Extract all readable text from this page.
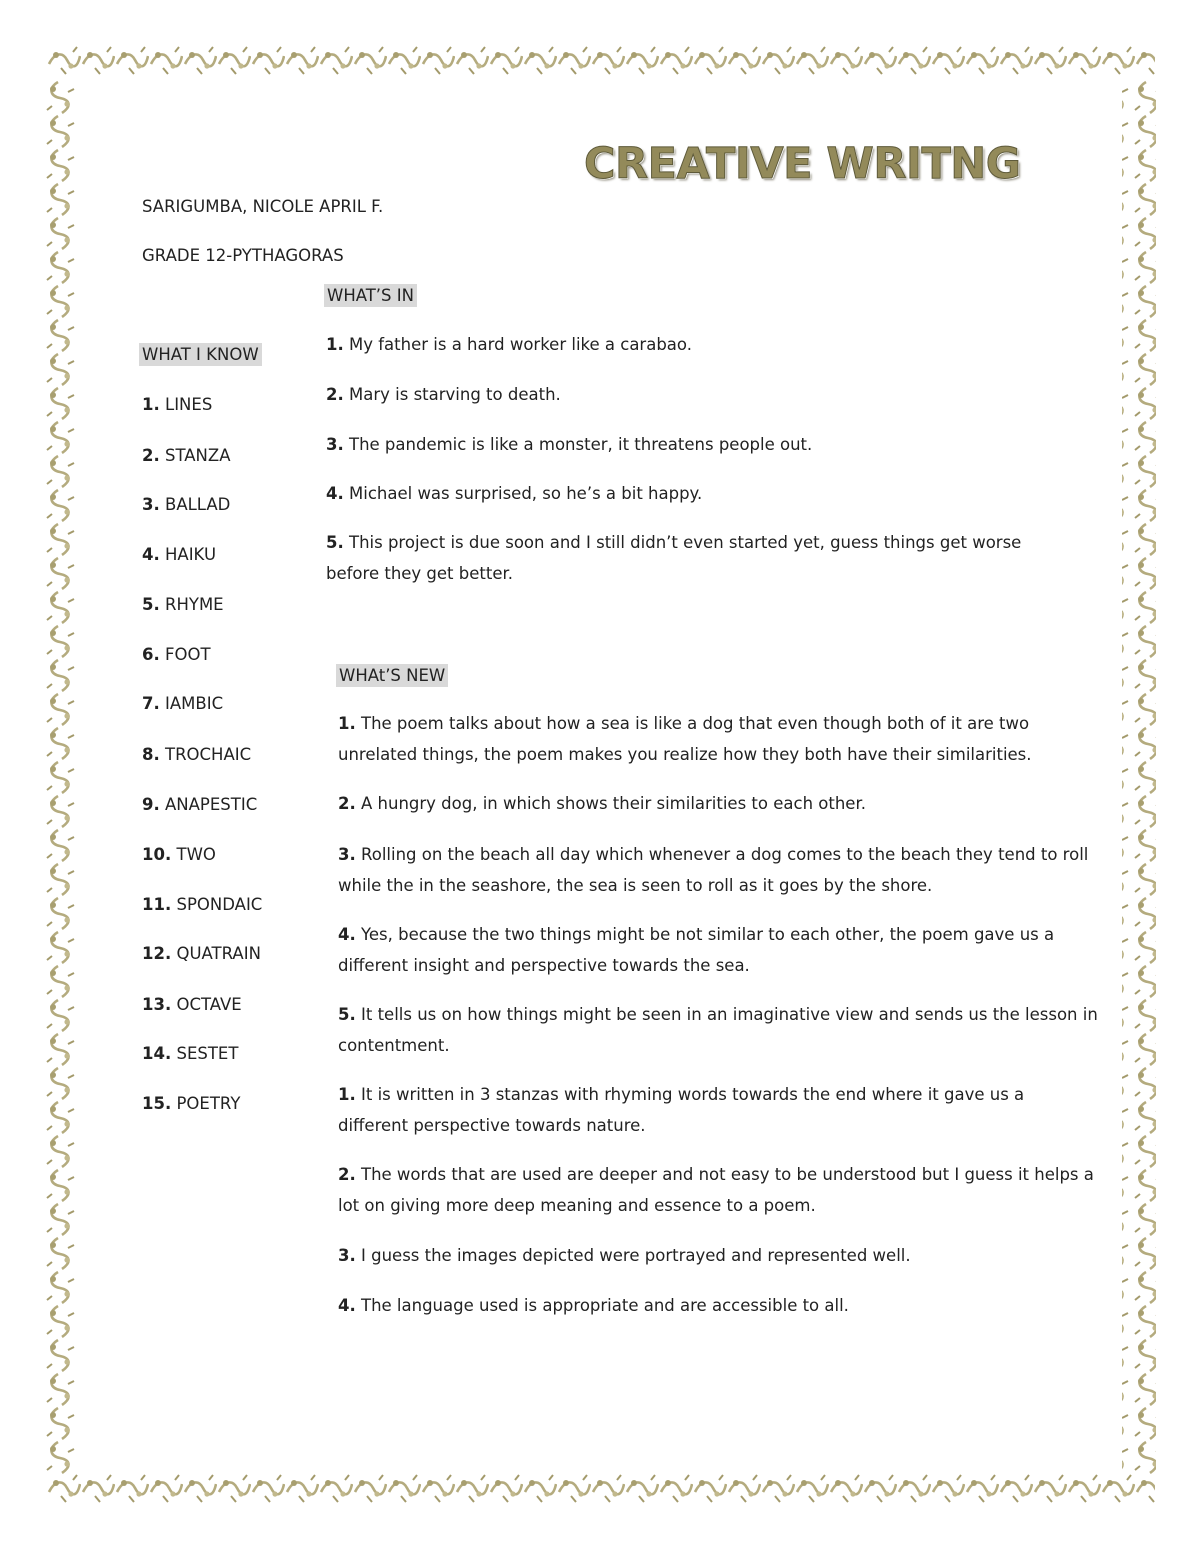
CREATIVE WRITNG
SARIGUMBA, NICOLE APRIL F.
GRADE 12-PYTHAGORAS
WHAT I KNOW
1. LINES
2. STANZA
3. BALLAD
4. HAIKU
5. RHYME
6. FOOT
7. IAMBIC
8. TROCHAIC
9. ANAPESTIC
10. TWO
11. SPONDAIC
12. QUATRAIN
13. OCTAVE
14. SESTET
15. POETRY
WHAT’S IN
1. My father is a hard worker like a carabao.
2. Mary is starving to death.
3. The pandemic is like a monster, it threatens people out.
4. Michael was surprised, so he’s a bit happy.
5. This project is due soon and I still didn’t even started yet, guess things get worse before they get better.
WHAt’S NEW
1. The poem talks about how a sea is like a dog that even though both of it are two unrelated things, the poem makes you realize how they both have their similarities.
2. A hungry dog, in which shows their similarities to each other.
3. Rolling on the beach all day which whenever a dog comes to the beach they tend to roll while the in the seashore, the sea is seen to roll as it goes by the shore.
4. Yes, because the two things might be not similar to each other, the poem gave us a different insight and perspective towards the sea.
5. It tells us on how things might be seen in an imaginative view and sends us the lesson in contentment.
1. It is written in 3 stanzas with rhyming words towards the end where it gave us a different perspective towards nature.
2. The words that are used are deeper and not easy to be understood but I guess it helps a lot on giving more deep meaning and essence to a poem.
3. I guess the images depicted were portrayed and represented well.
4. The language used is appropriate and are accessible to all.
